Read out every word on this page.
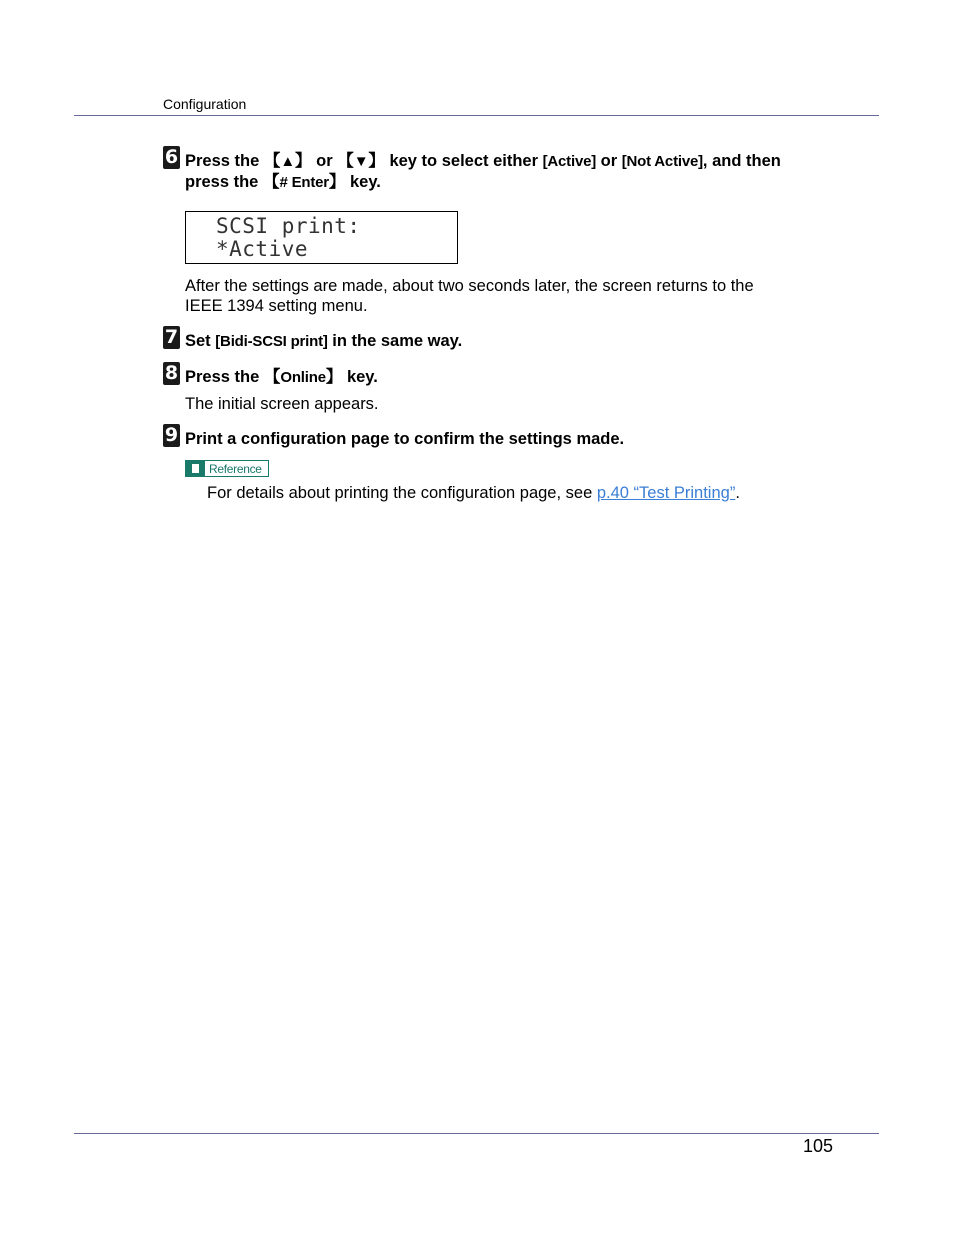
Configuration
6 Press the 【▲】 or 【▼】 key to select either [Active] or [Not Active], and then
press the 【# Enter】 key.
SCSI print:
*Active
After the settings are made, about two seconds later, the screen returns to the
IEEE 1394 setting menu.
7 Set [Bidi-SCSI print] in the same way.
8 Press the 【Online】 key.
The initial screen appears.
9 Print a configuration page to confirm the settings made.
Reference
For details about printing the configuration page, see p.40 “Test Printing”.
105
